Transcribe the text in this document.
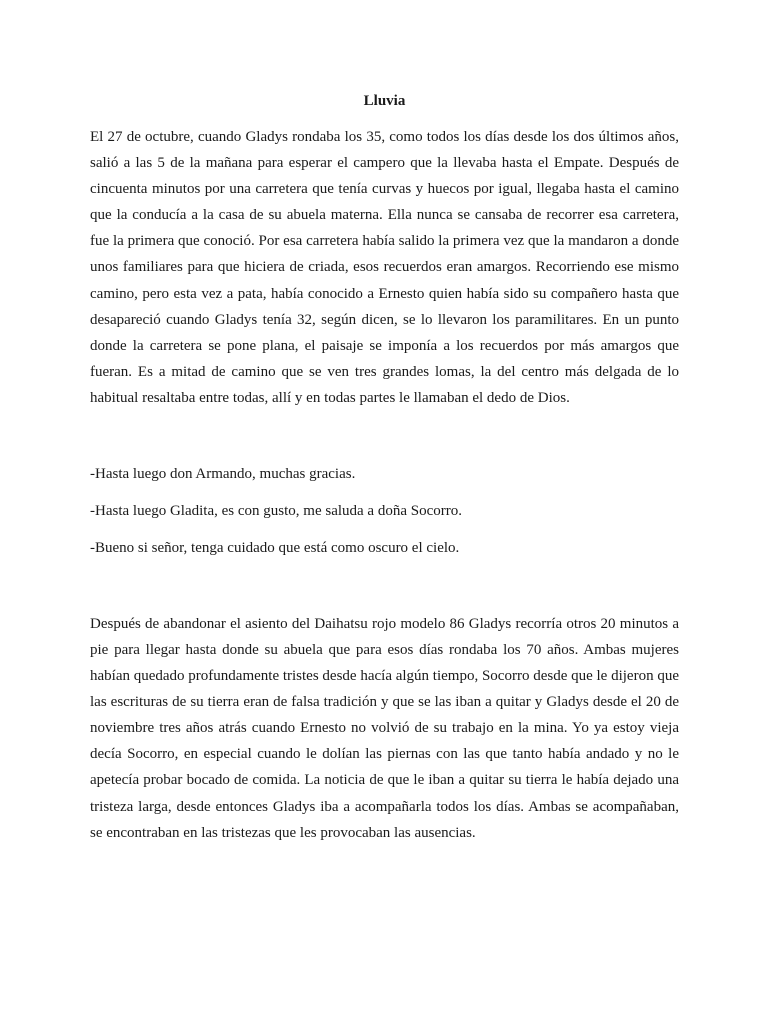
Lluvia

El 27 de octubre, cuando Gladys rondaba los 35, como todos los días desde los dos últimos años, salió a las 5 de la mañana para esperar el campero que la llevaba hasta el Empate. Después de cincuenta minutos por una carretera que tenía curvas y huecos por igual, llegaba hasta el camino que la conducía a la casa de su abuela materna. Ella nunca se cansaba de recorrer esa carretera, fue la primera que conoció. Por esa carretera había salido la primera vez que la mandaron a donde unos familiares para que hiciera de criada, esos recuerdos eran amargos. Recorriendo ese mismo camino, pero esta vez a pata, había conocido a Ernesto quien había sido su compañero hasta que desapareció cuando Gladys tenía 32, según dicen, se lo llevaron los paramilitares. En un punto donde la carretera se pone plana, el paisaje se imponía a los recuerdos por más amargos que fueran. Es a mitad de camino que se ven tres grandes lomas, la del centro más delgada de lo habitual resaltaba entre todas, allí y en todas partes le llamaban el dedo de Dios.

-Hasta luego don Armando, muchas gracias.

-Hasta luego Gladita, es con gusto, me saluda a doña Socorro.

-Bueno si señor, tenga cuidado que está como oscuro el cielo.

Después de abandonar el asiento del Daihatsu rojo modelo 86 Gladys recorría otros 20 minutos a pie para llegar hasta donde su abuela que para esos días rondaba los 70 años. Ambas mujeres habían quedado profundamente tristes desde hacía algún tiempo, Socorro desde que le dijeron que las escrituras de su tierra eran de falsa tradición y que se las iban a quitar y Gladys desde el 20 de noviembre tres años atrás cuando Ernesto no volvió de su trabajo en la mina. Yo ya estoy vieja decía Socorro, en especial cuando le dolían las piernas con las que tanto había andado y no le apetecía probar bocado de comida. La noticia de que le iban a quitar su tierra le había dejado una tristeza larga, desde entonces Gladys iba a acompañarla todos los días. Ambas se acompañaban, se encontraban en las tristezas que les provocaban las ausencias.
